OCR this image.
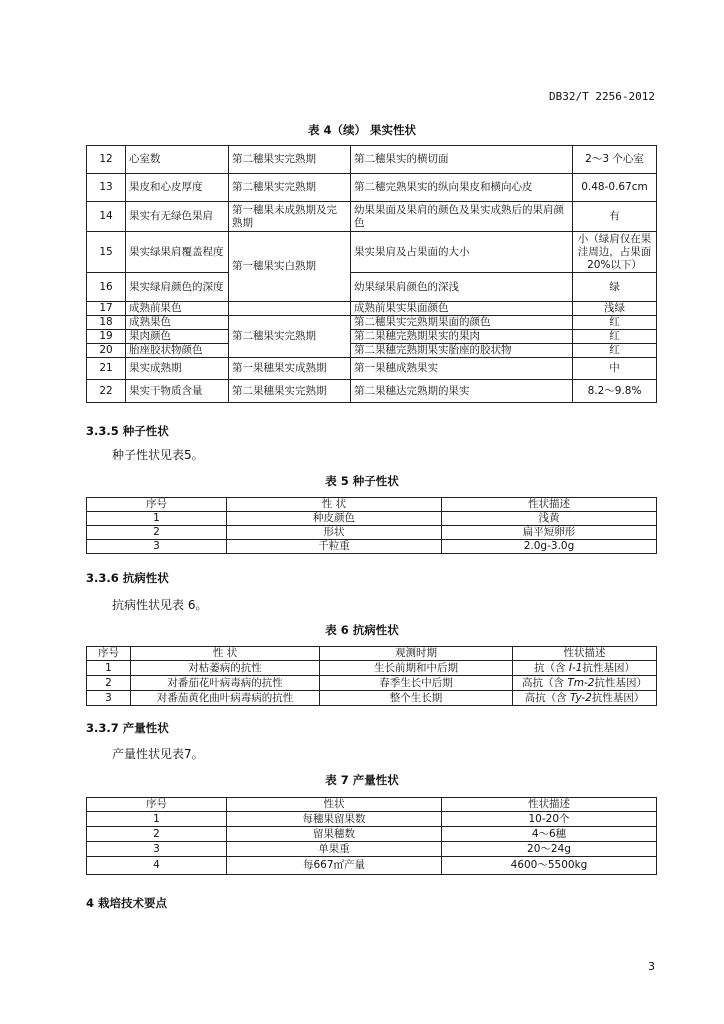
DB32/T 2256-2012
表 4（续） 果实性状
12	心室数	第二穗果实完熟期	第二穗果实的横切面	2～3 个心室
13	果皮和心皮厚度	第二穗果实完熟期	第二穗完熟果实的纵向果皮和横向心皮	0.48-0.67cm
14	果实有无绿色果肩	第一穗果未成熟期及完熟期	幼果果面及果肩的颜色及果实成熟后的果肩颜色	有
15	果实绿果肩覆盖程度	第一穗果实白熟期	果实果肩及占果面的大小	小（绿肩仅在果洼周边，占果面 20%以下）
16	果实绿肩颜色的深度		幼果绿果肩颜色的深浅	绿
17	成熟前果色		成熟前果实果面颜色	浅绿
18	成熟果色	第二穗果实完熟期	第二穗果实完熟期果面的颜色	红
19	果肉颜色		第二果穗完熟期果实的果肉	红
20	胎座胶状物颜色		第二果穗完熟期果实胎座的胶状物	红
21	果实成熟期	第一果穗果实成熟期	第一果穗成熟果实	中
22	果实干物质含量	第二果穗果实完熟期	第二果穗达完熟期的果实	8.2～9.8%
3.3.5 种子性状
种子性状见表5。
表 5 种子性状
序号	性 状	性状描述
1	种皮颜色	浅黄
2	形状	扁平短卵形
3	千粒重	2.0g-3.0g
3.3.6 抗病性状
抗病性状见表 6。
表 6 抗病性状
序号	性 状	观测时期	性状描述
1	对枯萎病的抗性	生长前期和中后期	抗（含 I-1抗性基因）
2	对番茄花叶病毒病的抗性	春季生长中后期	高抗（含 Tm-2抗性基因）
3	对番茄黄化曲叶病毒病的抗性	整个生长期	高抗（含 Ty-2抗性基因）
3.3.7 产量性状
产量性状见表7。
表 7 产量性状
序号	性状	性状描述
1	每穗果留果数	10-20个
2	留果穗数	4～6穗
3	单果重	20～24g
4	每667㎡产量	4600～5500kg
4 栽培技术要点
3
